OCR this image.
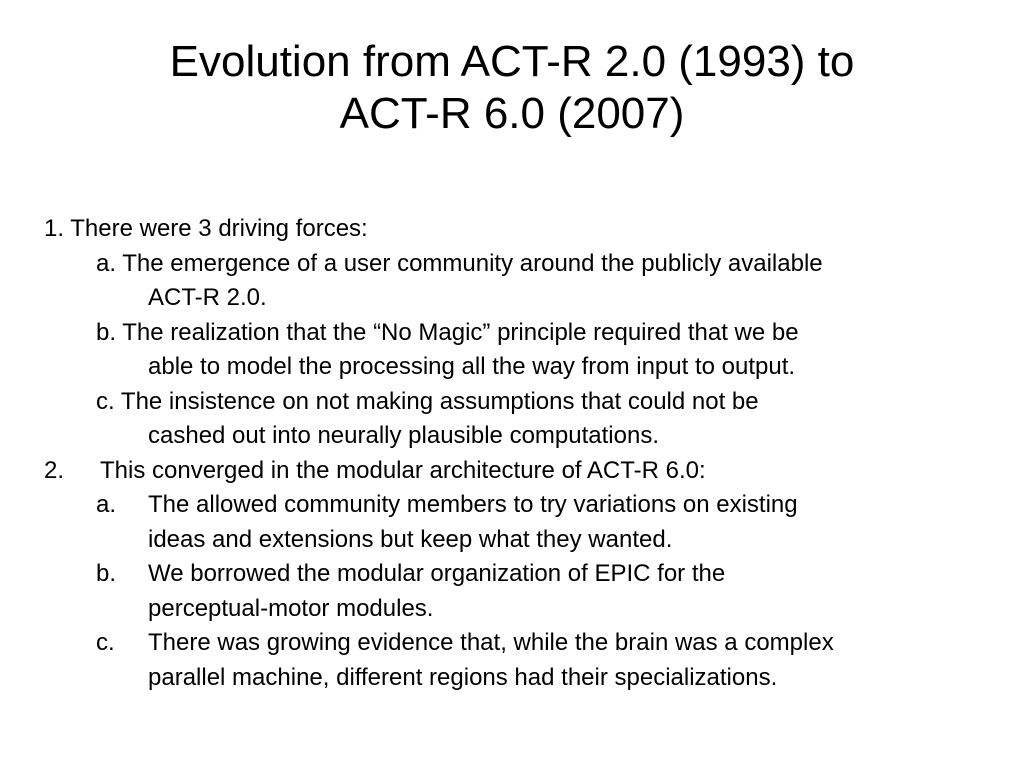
Evolution from ACT-R 2.0 (1993) to
ACT-R 6.0 (2007)
1. There were 3 driving forces:
a. The emergence of a user community around the publicly available
ACT-R 2.0.
b. The realization that the “No Magic” principle required that we be
able to model the processing all the way from input to output.
c. The insistence on not making assumptions that could not be
cashed out into neurally plausible computations.
2. This converged in the modular architecture of ACT-R 6.0:
a. The allowed community members to try variations on existing
ideas and extensions but keep what they wanted.
b. We borrowed the modular organization of EPIC for the
perceptual-motor modules.
c. There was growing evidence that, while the brain was a complex
parallel machine, different regions had their specializations.
